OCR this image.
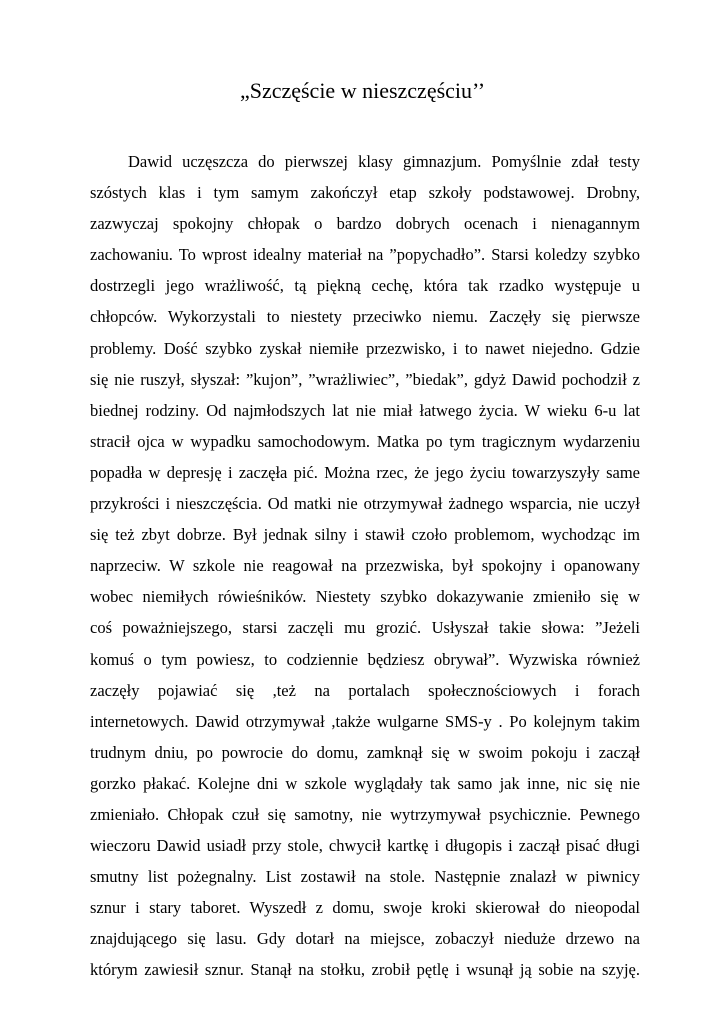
„Szczęście w nieszczęściu’’
Dawid uczęszcza do pierwszej klasy gimnazjum. Pomyślnie zdał testy
szóstych klas i tym samym zakończył etap szkoły podstawowej. Drobny,
zazwyczaj spokojny chłopak o bardzo dobrych ocenach i nienagannym
zachowaniu. To wprost idealny materiał na ”popychadło”. Starsi koledzy szybko
dostrzegli jego wrażliwość, tą piękną cechę, która tak rzadko występuje u
chłopców. Wykorzystali to niestety przeciwko niemu. Zaczęły się pierwsze
problemy. Dość szybko zyskał niemiłe przezwisko, i to nawet niejedno. Gdzie
się nie ruszył, słyszał: ”kujon”, ”wrażliwiec”, ”biedak”, gdyż Dawid pochodził z
biednej rodziny. Od najmłodszych lat nie miał łatwego życia. W wieku 6-u lat
stracił ojca w wypadku samochodowym. Matka po tym tragicznym wydarzeniu
popadła w depresję i zaczęła pić. Można rzec, że jego życiu towarzyszyły same
przykrości i nieszczęścia. Od matki nie otrzymywał żadnego wsparcia, nie uczył
się też zbyt dobrze. Był jednak silny i stawił czoło problemom, wychodząc im
naprzeciw. W szkole nie reagował na przezwiska, był spokojny i opanowany
wobec niemiłych rówieśników. Niestety szybko dokazywanie zmieniło się w
coś poważniejszego, starsi zaczęli mu grozić. Usłyszał takie słowa: ”Jeżeli
komuś o tym powiesz, to codziennie będziesz obrywał”. Wyzwiska również
zaczęły pojawiać się ,też na portalach społecznościowych i forach
internetowych. Dawid otrzymywał ,także wulgarne SMS-y . Po kolejnym takim
trudnym dniu, po powrocie do domu, zamknął się w swoim pokoju i zaczął
gorzko płakać. Kolejne dni w szkole wyglądały tak samo jak inne, nic się nie
zmieniało. Chłopak czuł się samotny, nie wytrzymywał psychicznie. Pewnego
wieczoru Dawid usiadł przy stole, chwycił kartkę i długopis i zaczął pisać długi
smutny list pożegnalny. List zostawił na stole. Następnie znalazł w piwnicy
sznur i stary taboret. Wyszedł z domu, swoje kroki skierował do nieopodal
znajdującego się lasu. Gdy dotarł na miejsce, zobaczył nieduże drzewo na
którym zawiesił sznur. Stanął na stołku, zrobił pętlę i wsunął ją sobie na szyję.
